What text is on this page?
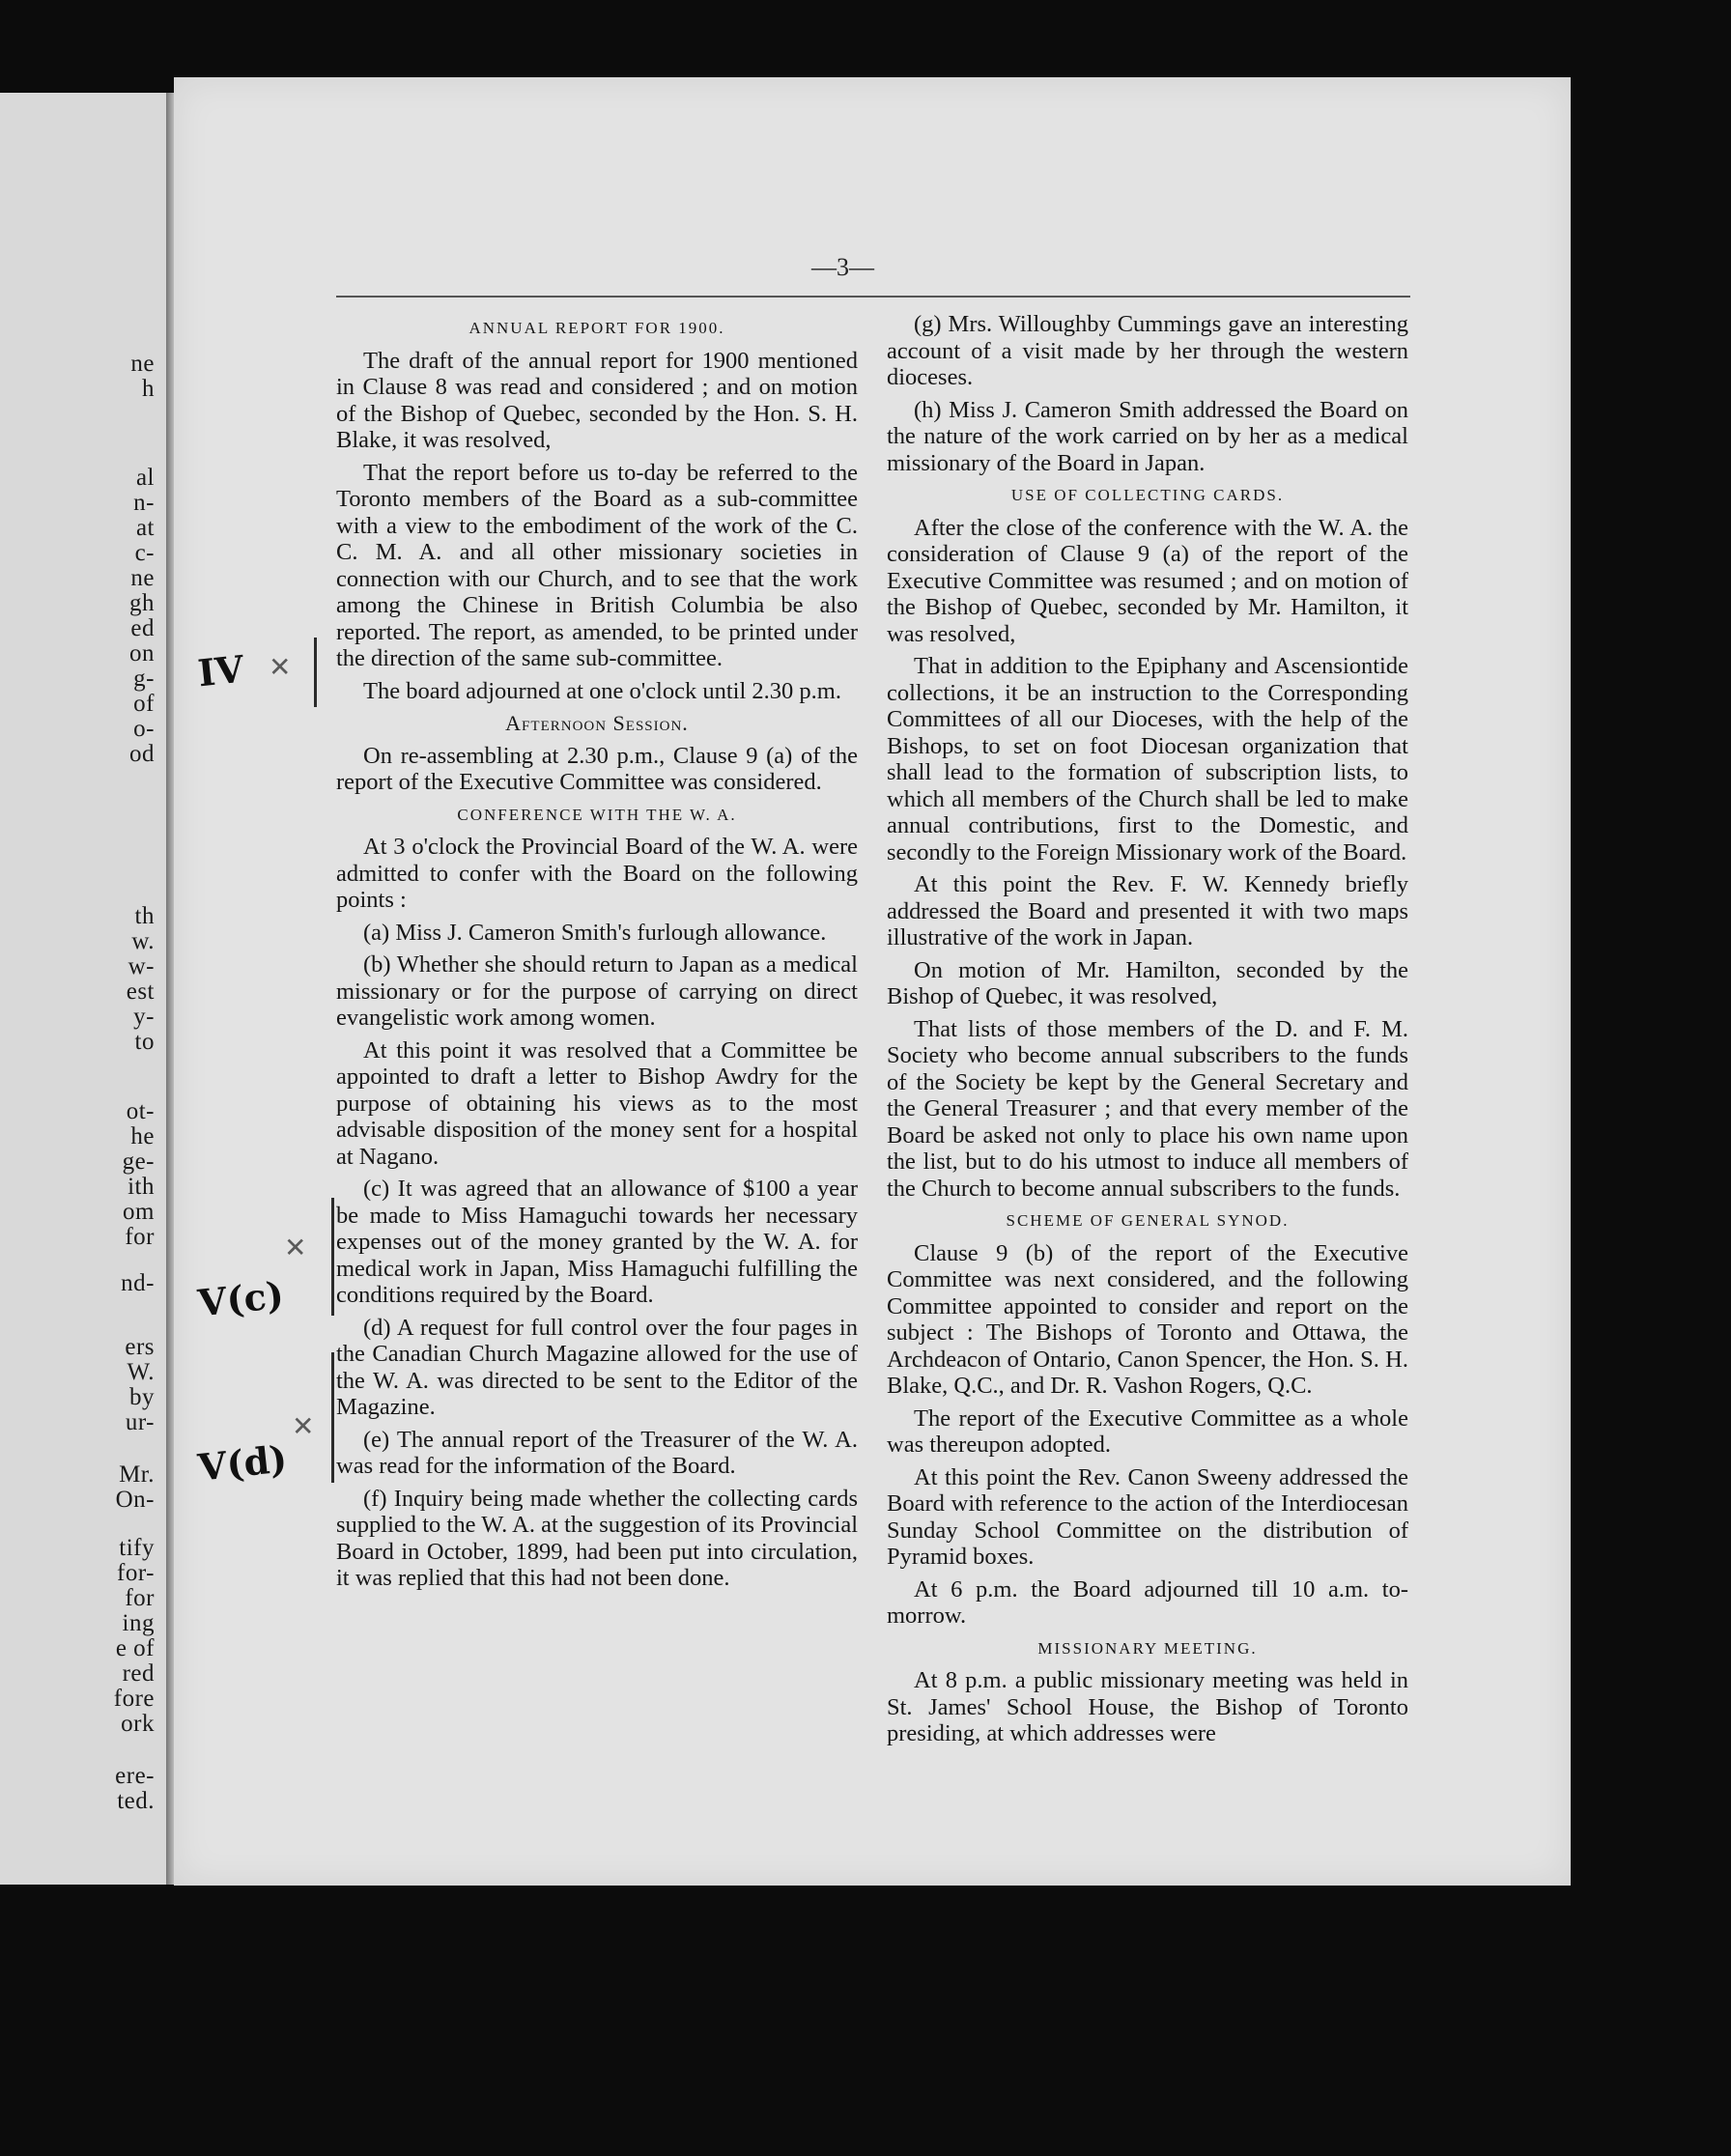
ne
h
al
n-
at
c-
ne
gh
ed
on
g-
of
o-
od
th
w.
w-
est
y-
to
ot-
he
ge-
ith
om
for
nd-
ers
W.
by
ur-
Mr.
On-
tify
for-
for
ing
e of
red
fore
ork
ere-
ted.
—3—
ANNUAL REPORT FOR 1900.

The draft of the annual report for 1900 mentioned in Clause 8 was read and considered ; and on motion of the Bishop of Quebec, seconded by the Hon. S. H. Blake, it was resolved,

That the report before us to-day be referred to the Toronto members of the Board as a sub-committee with a view to the embodiment of the work of the C. C. M. A. and all other missionary societies in connection with our Church, and to see that the work among the Chinese in British Columbia be also reported. The report, as amended, to be printed under the direction of the same sub-committee.

The board adjourned at one o'clock until 2.30 p.m.

Afternoon Session.

On re-assembling at 2.30 p.m., Clause 9 (a) of the report of the Executive Committee was considered.

CONFERENCE WITH THE W. A.

At 3 o'clock the Provincial Board of the W. A. were admitted to confer with the Board on the following points :

(a) Miss J. Cameron Smith's furlough allowance.

(b) Whether she should return to Japan as a medical missionary or for the purpose of carrying on direct evangelistic work among women.

At this point it was resolved that a Committee be appointed to draft a letter to Bishop Awdry for the purpose of obtaining his views as to the most advisable disposition of the money sent for a hospital at Nagano.

(c) It was agreed that an allowance of $100 a year be made to Miss Hamaguchi towards her necessary expenses out of the money granted by the W. A. for medical work in Japan, Miss Hamaguchi fulfilling the conditions required by the Board.

(d) A request for full control over the four pages in the Canadian Church Magazine allowed for the use of the W. A. was directed to be sent to the Editor of the Magazine.

(e) The annual report of the Treasurer of the W. A. was read for the information of the Board.

(f) Inquiry being made whether the collecting cards supplied to the W. A. at the suggestion of its Provincial Board in October, 1899, had been put into circulation, it was replied that this had not been done.

(g) Mrs. Willoughby Cummings gave an interesting account of a visit made by her through the western dioceses.

(h) Miss J. Cameron Smith addressed the Board on the nature of the work carried on by her as a medical missionary of the Board in Japan.

USE OF COLLECTING CARDS.

After the close of the conference with the W. A. the consideration of Clause 9 (a) of the report of the Executive Committee was resumed ; and on motion of the Bishop of Quebec, seconded by Mr. Hamilton, it was resolved,

That in addition to the Epiphany and Ascensiontide collections, it be an instruction to the Corresponding Committees of all our Dioceses, with the help of the Bishops, to set on foot Diocesan organization that shall lead to the formation of subscription lists, to which all members of the Church shall be led to make annual contributions, first to the Domestic, and secondly to the Foreign Missionary work of the Board.

At this point the Rev. F. W. Kennedy briefly addressed the Board and presented it with two maps illustrative of the work in Japan.

On motion of Mr. Hamilton, seconded by the Bishop of Quebec, it was resolved,

That lists of those members of the D. and F. M. Society who become annual subscribers to the funds of the Society be kept by the General Secretary and the General Treasurer ; and that every member of the Board be asked not only to place his own name upon the list, but to do his utmost to induce all members of the Church to become annual subscribers to the funds.

SCHEME OF GENERAL SYNOD.

Clause 9 (b) of the report of the Executive Committee was next considered, and the following Committee appointed to consider and report on the subject : The Bishops of Toronto and Ottawa, the Archdeacon of Ontario, Canon Spencer, the Hon. S. H. Blake, Q.C., and Dr. R. Vashon Rogers, Q.C.

The report of the Executive Committee as a whole was thereupon adopted.

At this point the Rev. Canon Sweeny addressed the Board with reference to the action of the Interdiocesan Sunday School Committee on the distribution of Pyramid boxes.

At 6 p.m. the Board adjourned till 10 a.m. to-morrow.

MISSIONARY MEETING.

At 8 p.m. a public missionary meeting was held in St. James' School House, the Bishop of Toronto presiding, at which addresses were

IV ✕
V(c)
✕
V(d)
✕
